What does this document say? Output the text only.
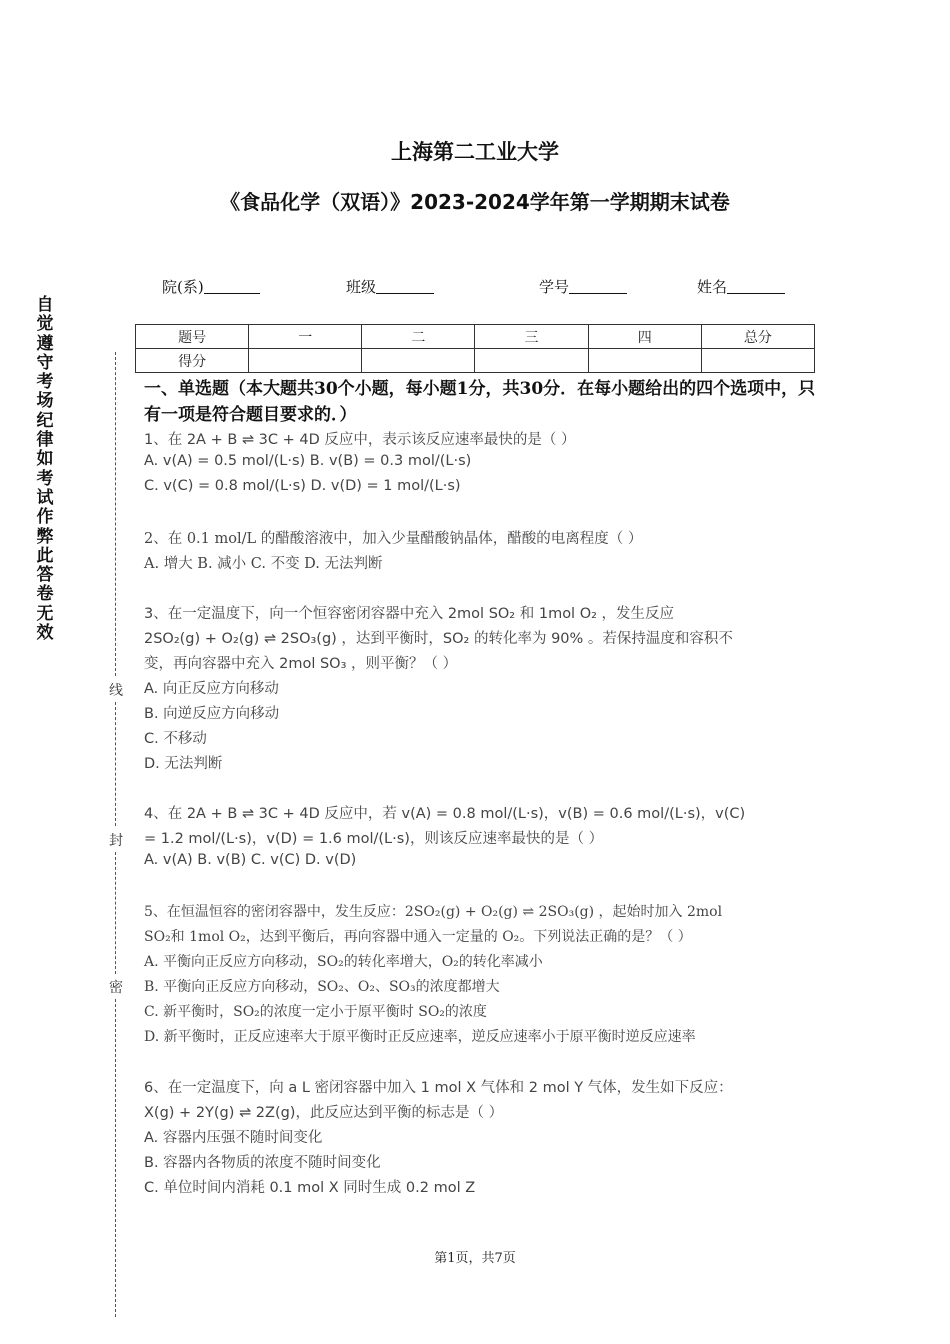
上海第二工业大学
《食品化学（双语）》2023-2024学年第一学期期末试卷
院(系)	班级	学号	姓名
题号	一	二	三	四	总分
得分					
自觉遵守考场纪律如考试作弊此答卷无效
线
封
密
一、单选题（本大题共30个小题，每小题1分，共30分．在每小题给出的四个选项中，只有一项是符合题目要求的．）
1、在 2A + B ⇌ 3C + 4D 反应中，表示该反应速率最快的是（ ）
A. v(A) = 0.5 mol/(L·s) B. v(B) = 0.3 mol/(L·s)
C. v(C) = 0.8 mol/(L·s) D. v(D) = 1 mol/(L·s)
2、在 0.1 mol/L 的醋酸溶液中，加入少量醋酸钠晶体，醋酸的电离程度（ ）
A. 增大 B. 减小 C. 不变 D. 无法判断
3、在一定温度下，向一个恒容密闭容器中充入 2mol SO₂ 和 1mol O₂ ，发生反应
2SO₂(g) + O₂(g) ⇌ 2SO₃(g) ，达到平衡时，SO₂ 的转化率为 90% 。若保持温度和容积不
变，再向容器中充入 2mol SO₃ ，则平衡？（ ）
A. 向正反应方向移动
B. 向逆反应方向移动
C. 不移动
D. 无法判断
4、在 2A + B ⇌ 3C + 4D 反应中，若 v(A) = 0.8 mol/(L·s)，v(B) = 0.6 mol/(L·s)，v(C)
= 1.2 mol/(L·s)，v(D) = 1.6 mol/(L·s)，则该反应速率最快的是（ ）
A. v(A) B. v(B) C. v(C) D. v(D)
5、在恒温恒容的密闭容器中，发生反应：2SO₂(g) + O₂(g) ⇌ 2SO₃(g) ，起始时加入 2mol
SO₂和 1mol O₂，达到平衡后，再向容器中通入一定量的 O₂。下列说法正确的是？（ ）
A. 平衡向正反应方向移动，SO₂的转化率增大，O₂的转化率减小
B. 平衡向正反应方向移动，SO₂、O₂、SO₃的浓度都增大
C. 新平衡时，SO₂的浓度一定小于原平衡时 SO₂的浓度
D. 新平衡时，正反应速率大于原平衡时正反应速率，逆反应速率小于原平衡时逆反应速率
6、在一定温度下，向 a L 密闭容器中加入 1 mol X 气体和 2 mol Y 气体，发生如下反应：
X(g) + 2Y(g) ⇌ 2Z(g)，此反应达到平衡的标志是（ ）
A. 容器内压强不随时间变化
B. 容器内各物质的浓度不随时间变化
C. 单位时间内消耗 0.1 mol X 同时生成 0.2 mol Z
第1页，共7页
